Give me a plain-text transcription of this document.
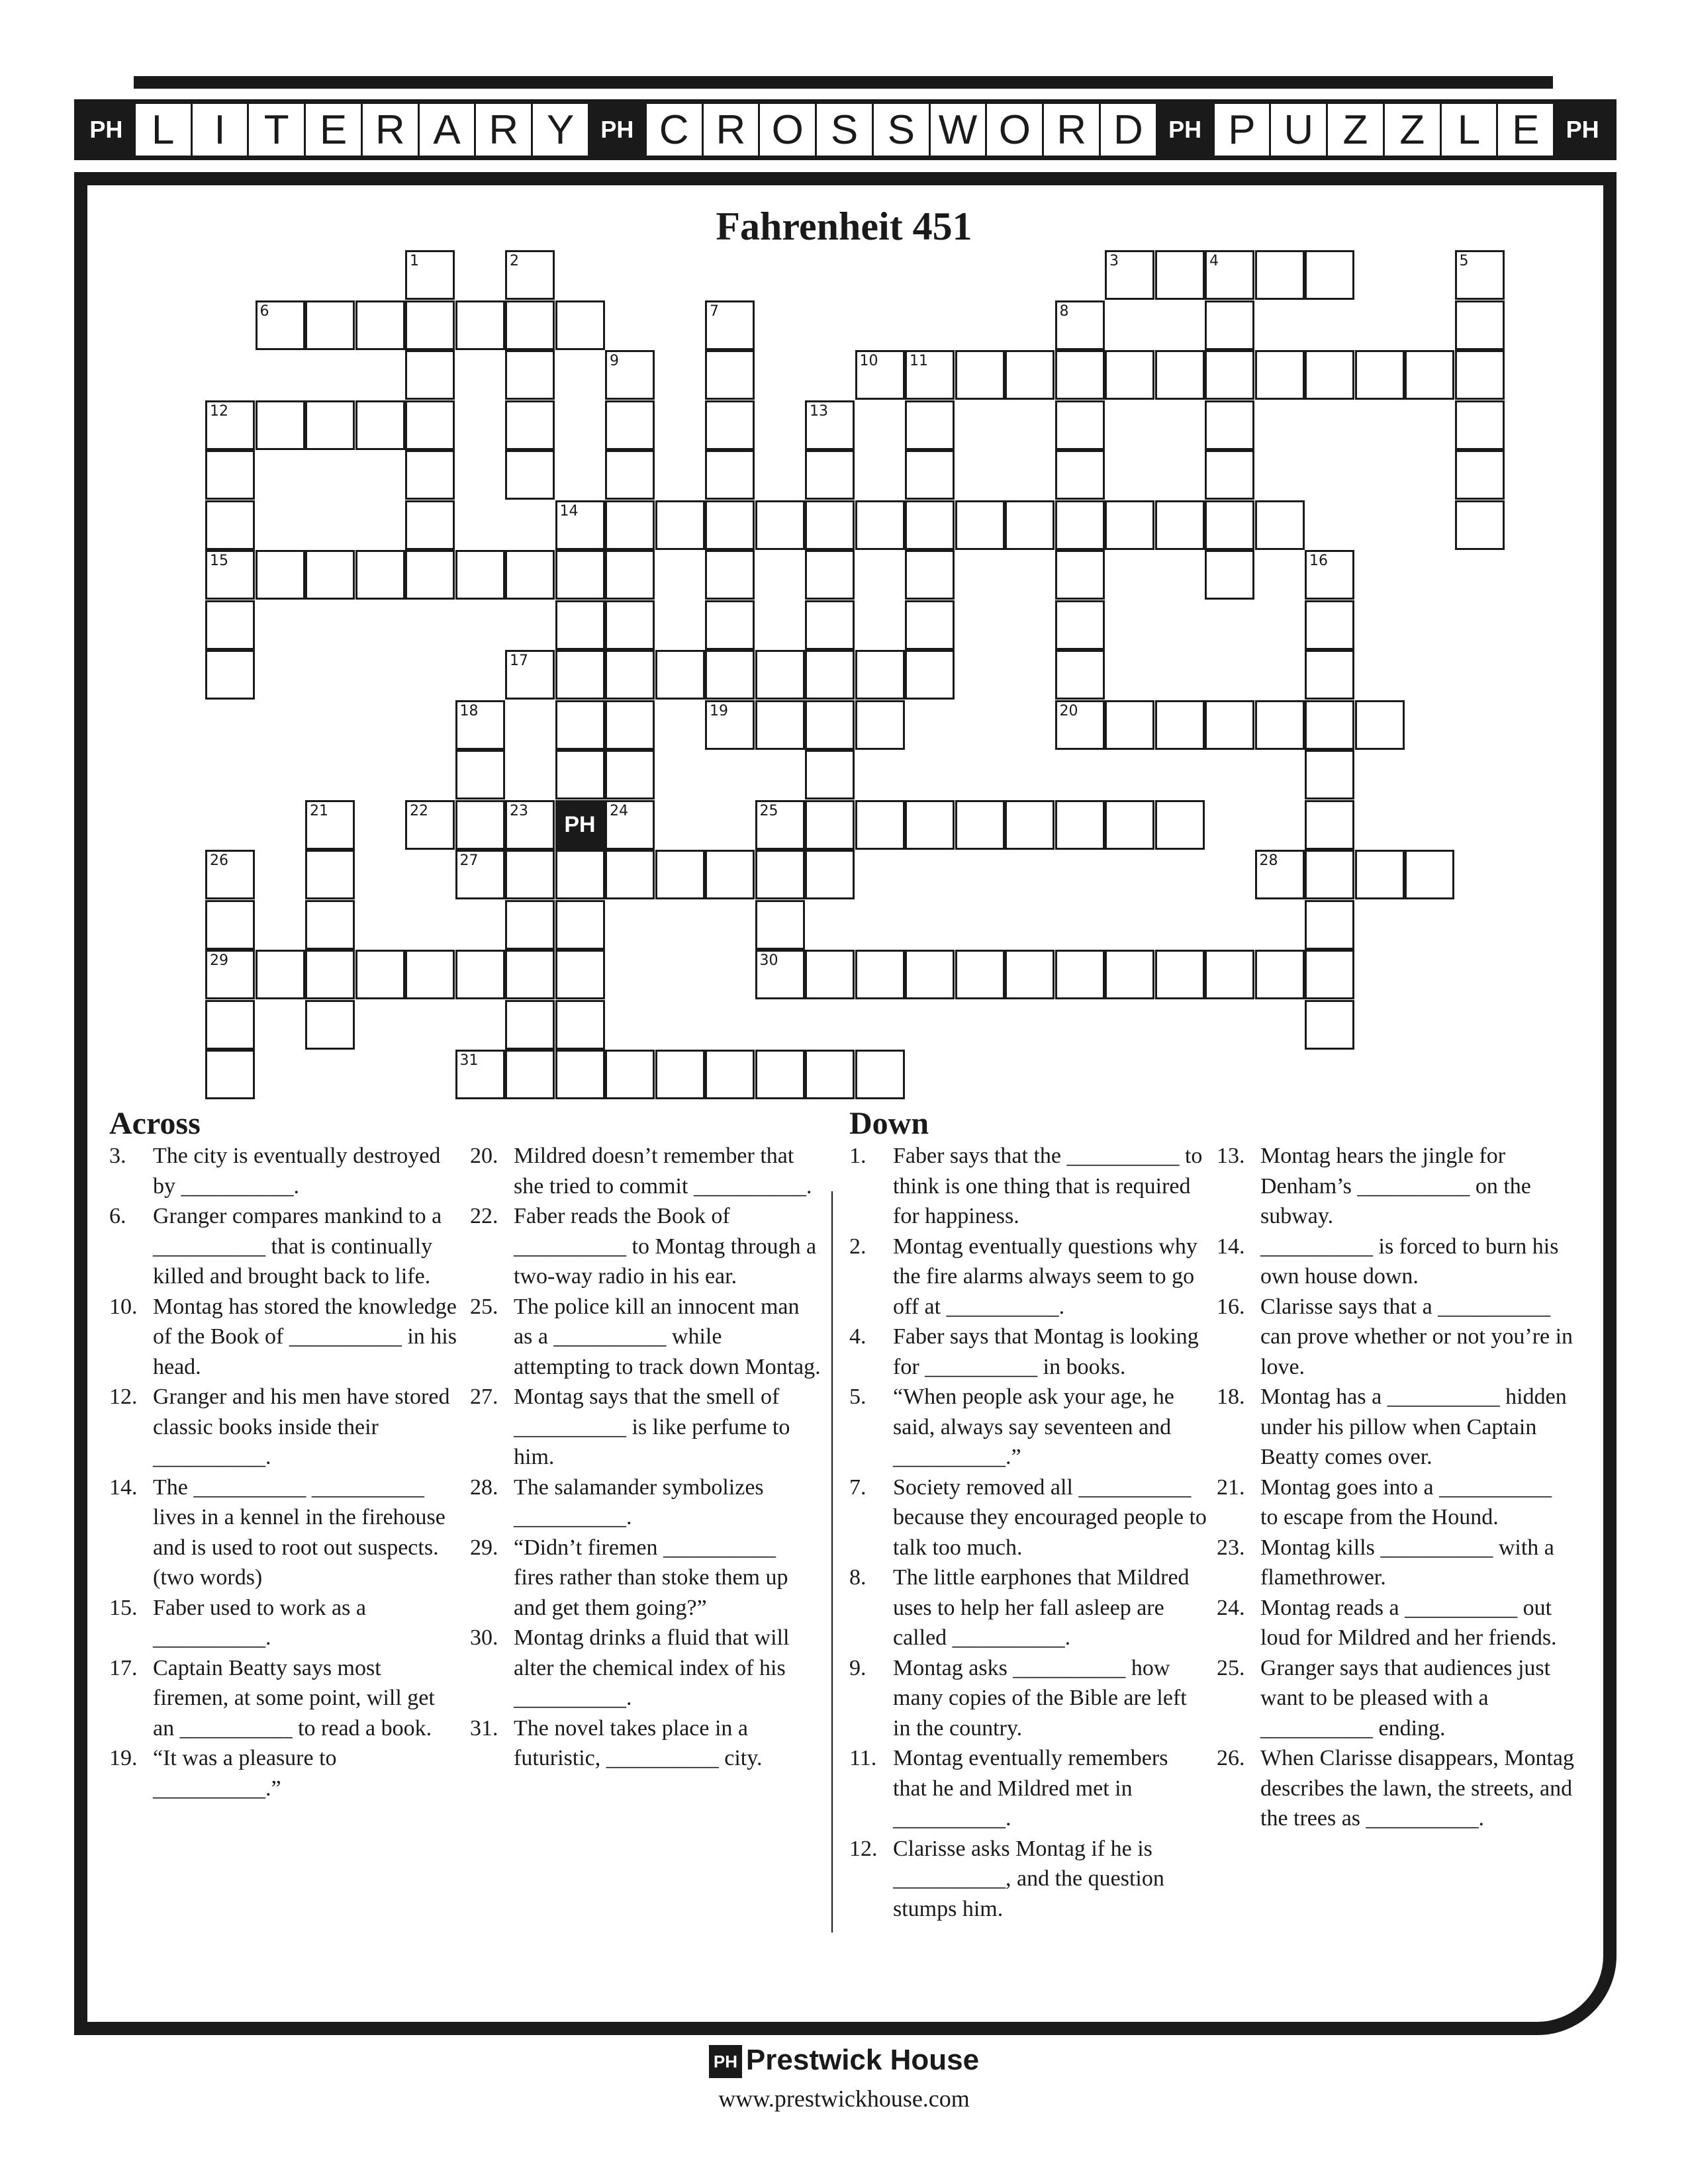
PH L I T E R A R Y	PH C R O S S W O R D	PH P U Z Z L E	PH
Fahrenheit 451
3	4
6
10 11
12
14
15
17
19	20
22	23	25
27	28
29	30
31
1	2	5
7	8
9
24
13
16
18
21
26
PH
Across	Down
3.	The city is eventually destroyed by __________.
6.	Granger compares mankind to a __________ that is continually killed and brought back to life.
10. Montag has stored the knowledge of the Book of __________ in his head.
12. Granger and his men have stored classic books inside their __________.
14. The __________ __________ lives in a kennel in the firehouse and is used to root out suspects. (two words)
15. Faber used to work as a __________.
17. Captain Beatty says most firemen, at some point, will get an __________ to read a book.
19. “It was a pleasure to __________.”
20. Mildred doesn’t remember that she tried to commit __________.
22. Faber reads the Book of __________ to Montag through a two-way radio in his ear.
25. The police kill an innocent man as a __________ while attempting to track down Montag.
27. Montag says that the smell of __________ is like perfume to him.
28. The salamander symbolizes __________.
29. “Didn’t firemen __________ fires rather than stoke them up and get them going?”
30. Montag drinks a fluid that will alter the chemical index of his __________.
31. The novel takes place in a futuristic, __________ city.
1.	Faber says that the __________ to think is one thing that is required for happiness.
2.	Montag eventually questions why the fire alarms always seem to go off at __________.
4.	Faber says that Montag is looking for __________ in books.
5.	“When people ask your age, he said, always say seventeen and __________.”
7.	Society removed all __________ because they encouraged people to talk too much.
8.	The little earphones that Mildred uses to help her fall asleep are called __________.
9.	Montag asks __________ how many copies of the Bible are left in the country.
11. Montag eventually remembers that he and Mildred met in __________.
12. Clarisse asks Montag if he is __________, and the question stumps him.
13. Montag hears the jingle for Denham’s __________ on the subway.
14. __________ is forced to burn his own house down.
16. Clarisse says that a __________ can prove whether or not you’re in love.
18. Montag has a __________ hidden under his pillow when Captain Beatty comes over.
21. Montag goes into a __________ to escape from the Hound.
23. Montag kills __________ with a flamethrower.
24. Montag reads a __________ out loud for Mildred and her friends.
25. Granger says that audiences just want to be pleased with a __________ ending.
26. When Clarisse disappears, Montag describes the lawn, the streets, and the trees as __________.
PH Prestwick House
www.prestwickhouse.com
